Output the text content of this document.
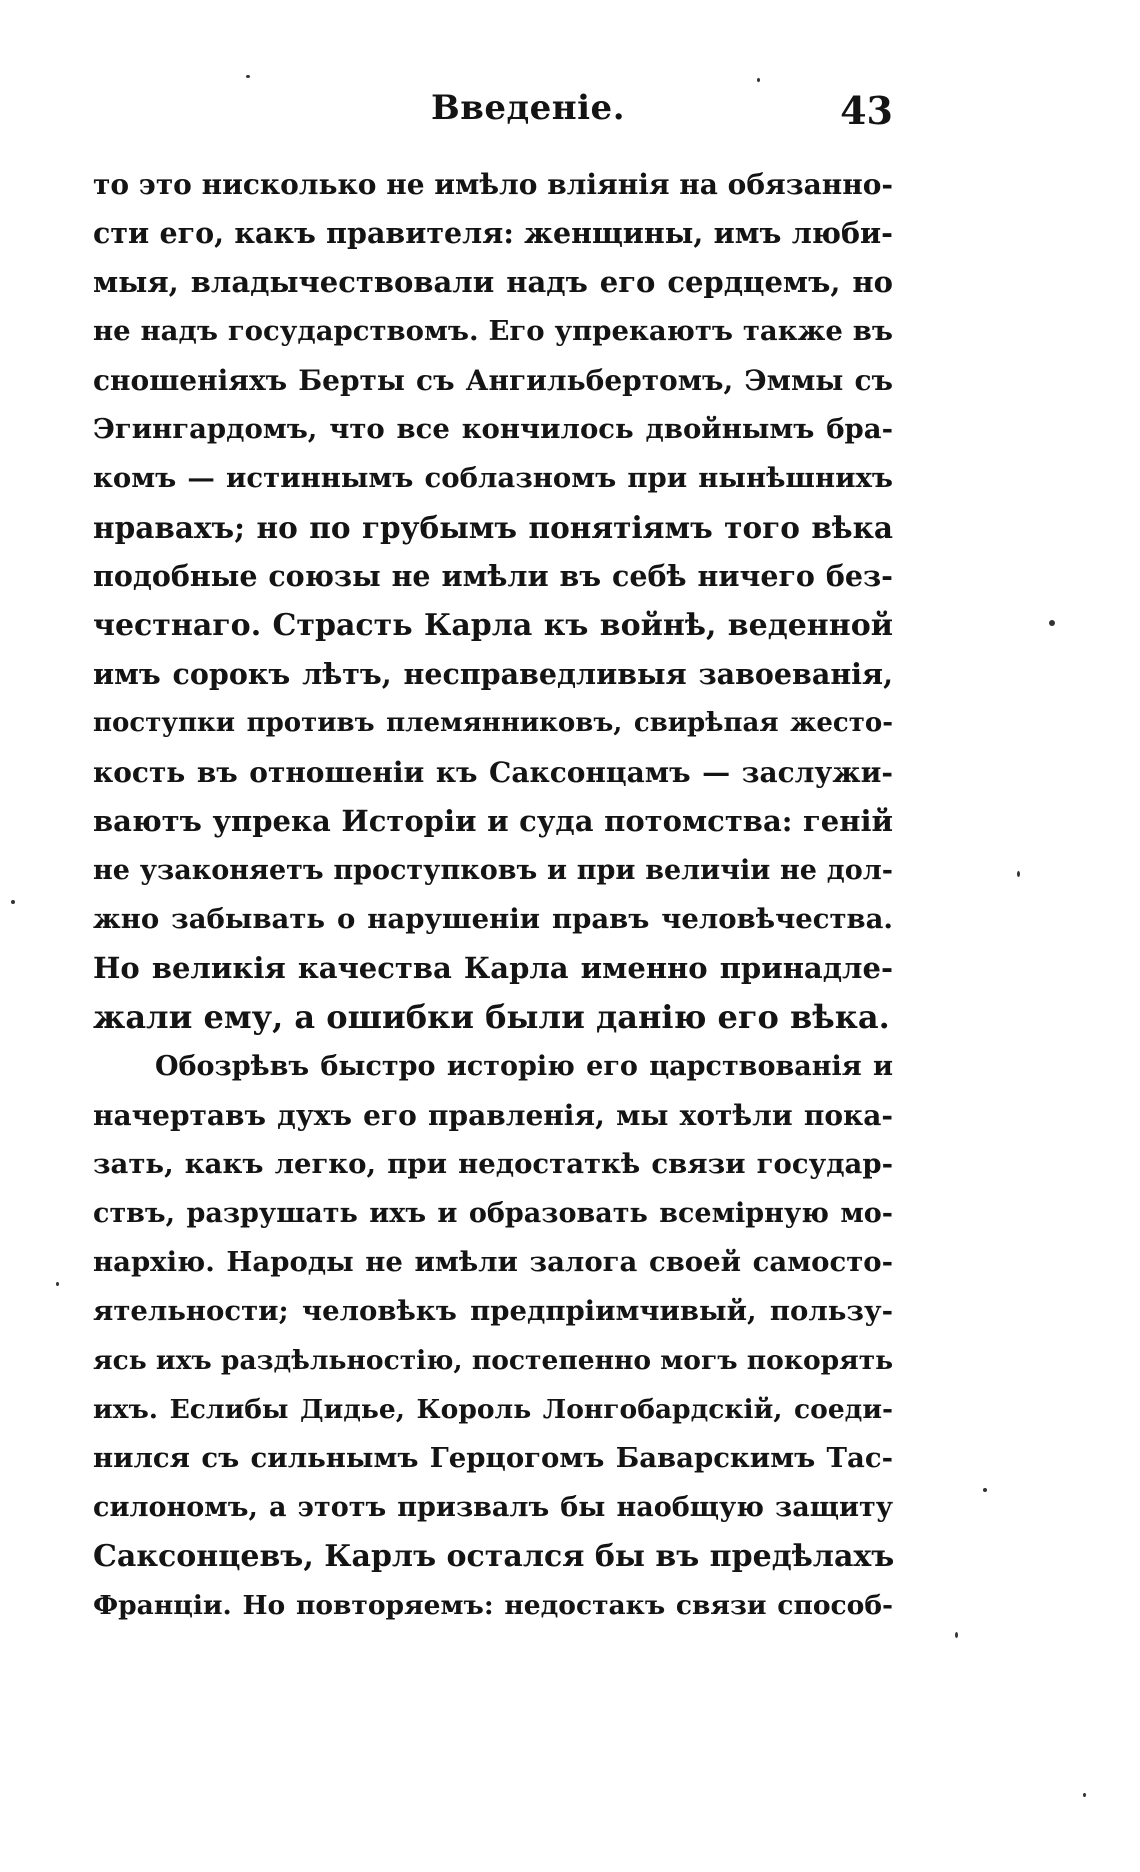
Введеніе.	43
то это нисколько не имѣло вліянія на обязанно-
сти его, какъ правителя: женщины, имъ люби-
мыя, владычествовали надъ его сердцемъ, но
не надъ государствомъ. Его упрекаютъ также въ
сношеніяхъ Берты съ Ангильбертомъ, Эммы съ
Эгингардомъ, что все кончилось двойнымъ бра-
комъ — истиннымъ соблазномъ при нынѣшнихъ
нравахъ; но по грубымъ понятіямъ того вѣка
подобные союзы не имѣли въ себѣ ничего без-
честнаго. Страсть Карла къ войнѣ, веденной
имъ сорокъ лѣтъ, несправедливыя завоеванія,
поступки противъ племянниковъ, свирѣпая жесто-
кость въ отношеніи къ Саксонцамъ — заслужи-
ваютъ упрека Исторіи и суда потомства: геній
не узаконяетъ проступковъ и при величіи не дол-
жно забывать о нарушеніи правъ человѣчества.
Но великія качества Карла именно принадле-
жали ему, а ошибки были данію его вѣка.
Обозрѣвъ быстро исторію его царствованія и
начертавъ духъ его правленія, мы хотѣли пока-
зать, какъ легко, при недостаткѣ связи государ-
ствъ, разрушать ихъ и образовать всемірную мо-
нархію. Народы не имѣли залога своей самосто-
ятельности; человѣкъ предпріимчивый, пользу-
ясь ихъ раздѣльностію, постепенно могъ покорять
ихъ. Еслибы Дидье, Король Лонгобардскій, соеди-
нился съ сильнымъ Герцогомъ Баварскимъ Тас-
силономъ, а этотъ призвалъ бы наобщую защиту
Саксонцевъ, Карлъ остался бы въ предѣлахъ
Франціи. Но повторяемъ: недостакъ связи способ-
